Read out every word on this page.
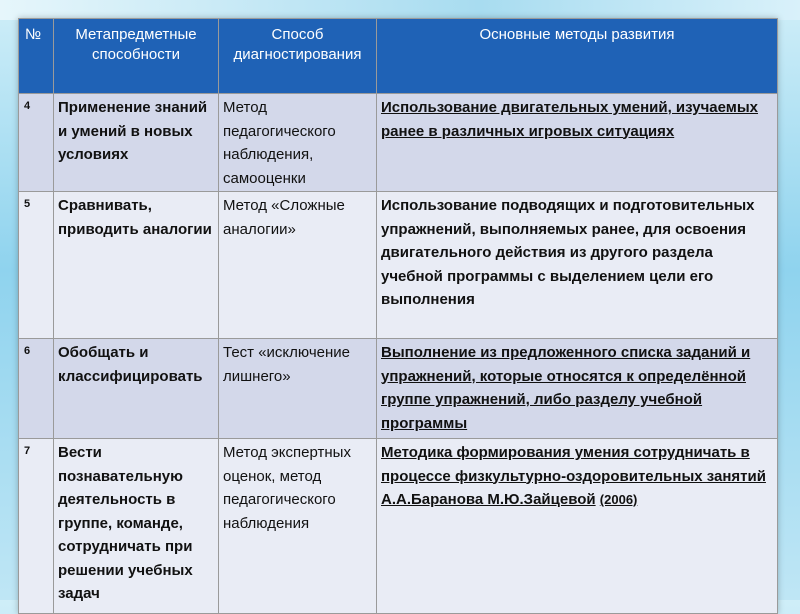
№	Метапредметные способности	Способ диагностирования	Основные методы развития
4	Применение знаний и умений в новых условиях	Метод педагогического наблюдения, самооценки	Использование двигательных умений, изучаемых ранее в различных игровых ситуациях
5	Сравнивать, приводить аналогии	Метод «Сложные аналогии»	Использование подводящих и подготовительных упражнений, выполняемых ранее, для освоения двигательного действия из другого раздела учебной программы с выделением цели его выполнения
6	Обобщать и классифицировать	Тест «исключение лишнего»	Выполнение из предложенного списка заданий и упражнений, которые относятся к определённой группе упражнений, либо разделу учебной программы
7	Вести познавательную деятельность в группе, команде, сотрудничать при решении учебных задач	Метод экспертных оценок, метод педагогического наблюдения	Методика формирования умения сотрудничать в процессе физкультурно-оздоровительных занятий А.А.Баранова М.Ю.Зайцевой (2006)
